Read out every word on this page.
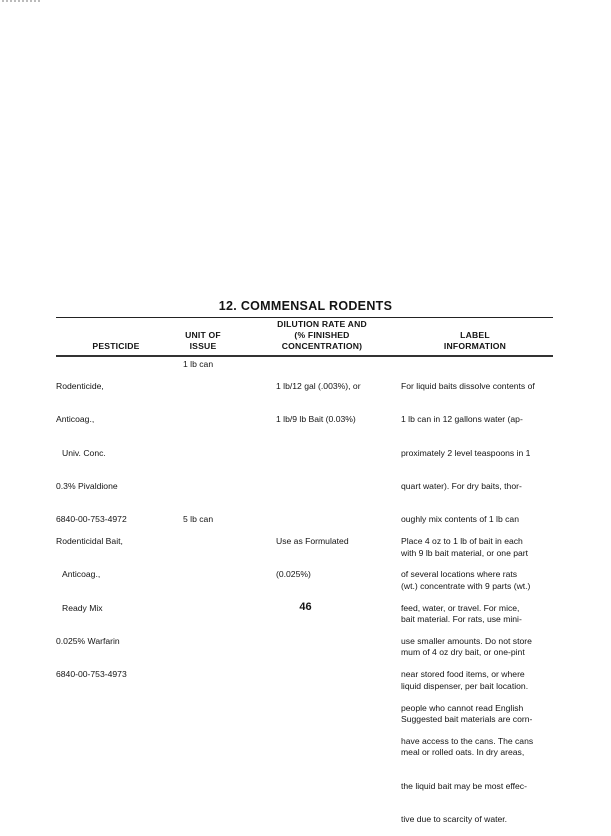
12. COMMENSAL RODENTS
PESTICIDE
UNIT OF
ISSUE
DILUTION RATE AND
(% FINISHED
CONCENTRATION)
LABEL
INFORMATION

Rodenticide,

Anticoag.,

Univ. Conc.

0.3% Pivaldione

6840-00-753-4972

1 lb can

1 lb/12 gal (.003%), or

1 lb/9 lb Bait (0.03%)

For liquid baits dissolve contents of

1 lb can in 12 gallons water (ap-

proximately 2 level teaspoons in 1

quart water). For dry baits, thor-

oughly mix contents of 1 lb can

with 9 lb bait material, or one part

(wt.) concentrate with 9 parts (wt.)

bait material. For rats, use mini-

mum of 4 oz dry bait, or one-pint

liquid dispenser, per bait location.

Suggested bait materials are corn-

meal or rolled oats. In dry areas,

the liquid bait may be most effec-

tive due to scarcity of water.

Rodenticidal Bait,

Anticoag.,

Ready Mix

0.025% Warfarin

6840-00-753-4973

5 lb can

Use as Formulated

(0.025%)

Place 4 oz to 1 lb of bait in each

of several locations where rats

feed, water, or travel. For mice,

use smaller amounts. Do not store

near stored food items, or where

people who cannot read English

have access to the cans. The cans

46
